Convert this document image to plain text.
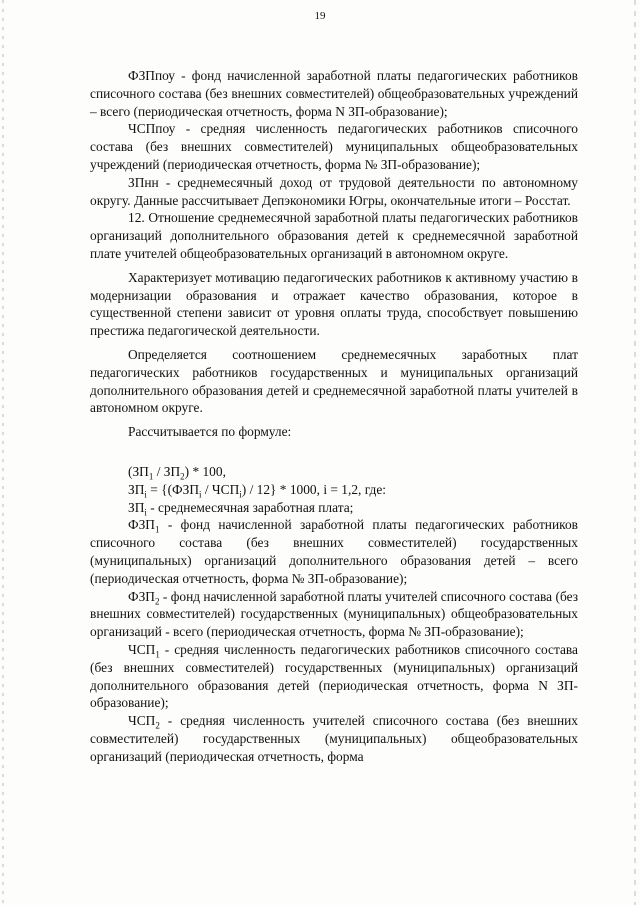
19

ФЗПпоу - фонд начисленной заработной платы педагогических работников списочного состава (без внешних совместителей) общеобразовательных учреждений – всего (периодическая отчетность, форма N ЗП-образование);

ЧСПпоу - средняя численность педагогических работников списочного состава (без внешних совместителей) муниципальных общеобразовательных учреждений (периодическая отчетность, форма № ЗП-образование);

ЗПнн - среднемесячный доход от трудовой деятельности по автономному округу. Данные рассчитывает Депэкономики Югры, окончательные итоги – Росстат.

12. Отношение среднемесячной заработной платы педагогических работников организаций дополнительного образования детей к среднемесячной заработной плате учителей общеобразовательных организаций в автономном округе.

Характеризует мотивацию педагогических работников к активному участию в модернизации образования и отражает качество образования, которое в существенной степени зависит от уровня оплаты труда, способствует повышению престижа педагогической деятельности.

Определяется соотношением среднемесячных заработных плат педагогических работников государственных и муниципальных организаций дополнительного образования детей и среднемесячной заработной платы учителей в автономном округе.

Рассчитывается по формуле:

$(ЗП_1 / ЗП_2) * 100$,

$ЗП_i = \{(ФЗП_i / ЧСП_i) / 12\} * 1000$, i = 1,2, где:

$ЗП_i$ - среднемесячная заработная плата;

$ФЗП_1$ - фонд начисленной заработной платы педагогических работников списочного состава (без внешних совместителей) государственных (муниципальных) организаций дополнительного образования детей – всего (периодическая отчетность, форма № ЗП-образование);

$ФЗП_2$ - фонд начисленной заработной платы учителей списочного состава (без внешних совместителей) государственных (муниципальных) общеобразовательных организаций - всего (периодическая отчетность, форма № ЗП-образование);

$ЧСП_1$ - средняя численность педагогических работников списочного состава (без внешних совместителей) государственных (муниципальных) организаций дополнительного образования детей (периодическая отчетность, форма N ЗП-образование);

$ЧСП_2$ - средняя численность учителей списочного состава (без внешних совместителей) государственных (муниципальных) общеобразовательных организаций (периодическая отчетность, форма
